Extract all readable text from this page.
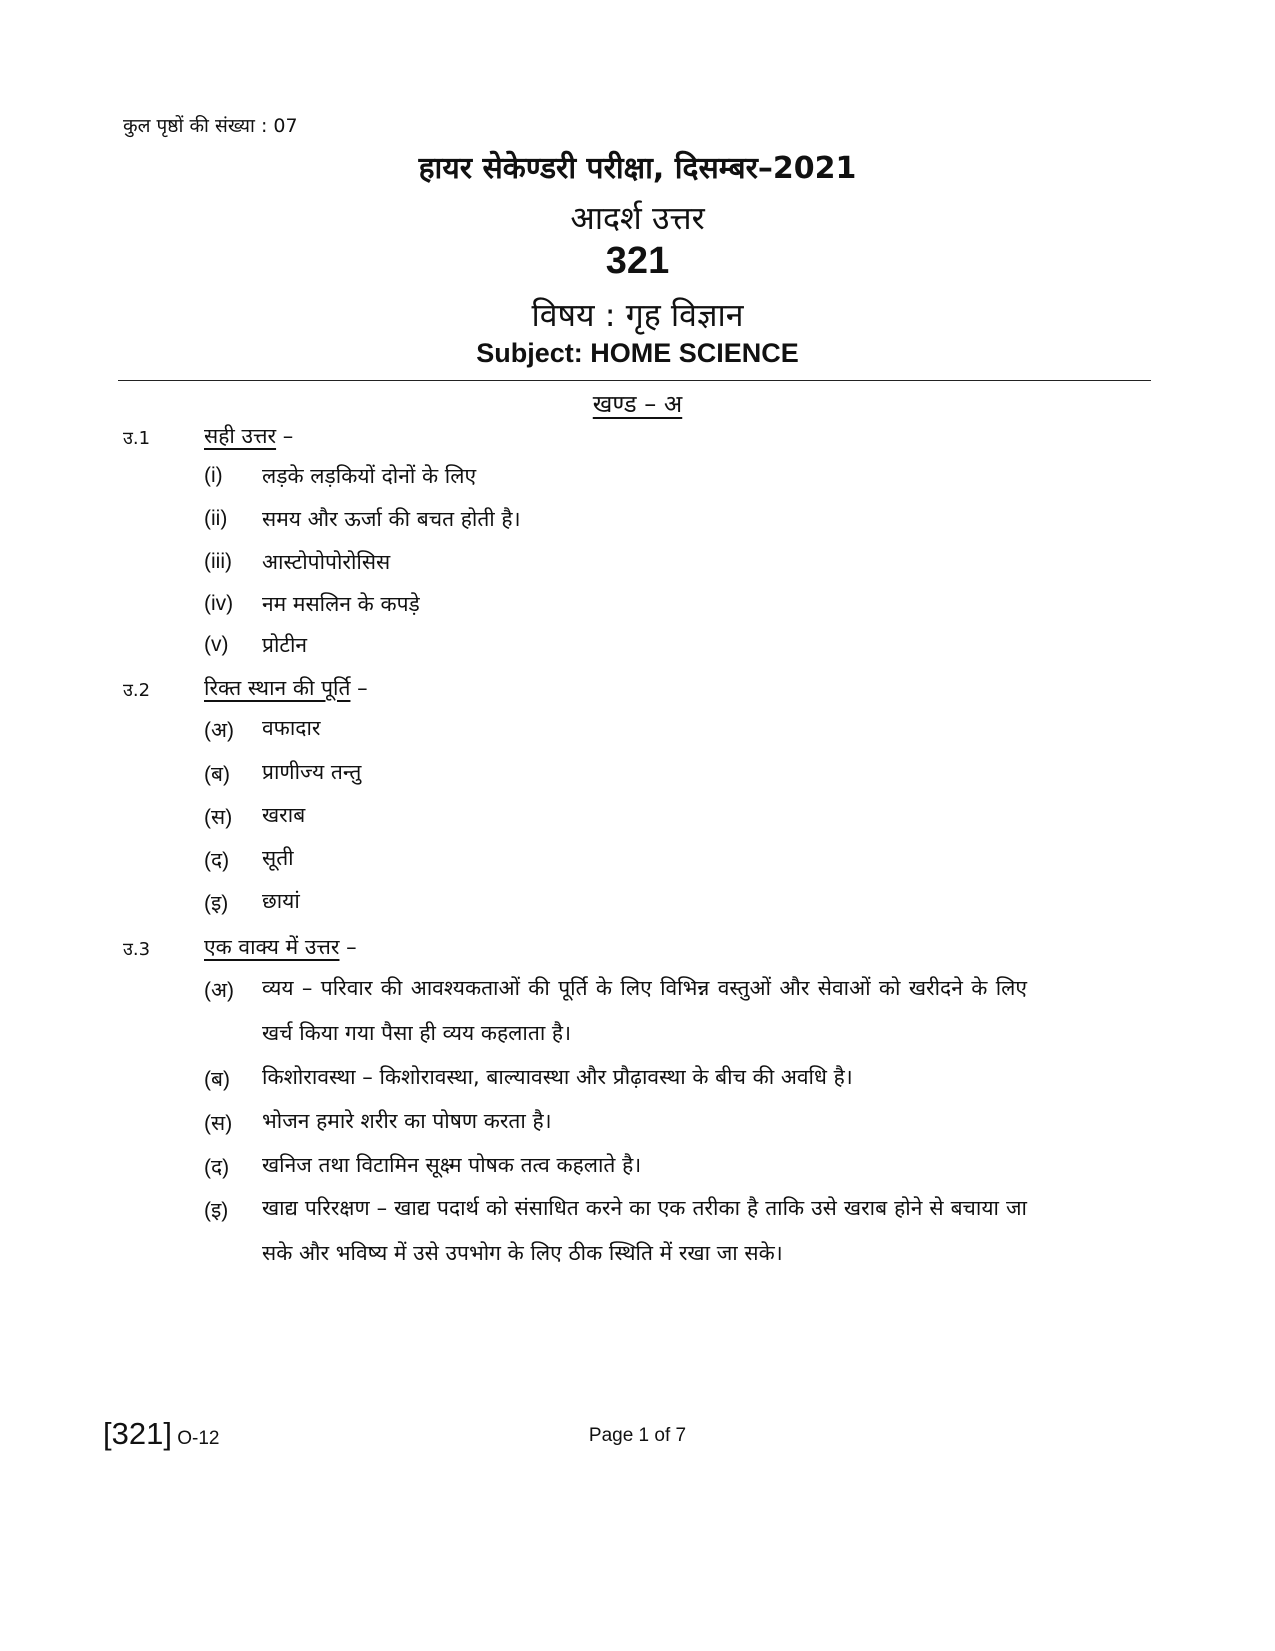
कुल पृष्ठों की संख्या : 07
हायर सेकेण्डरी परीक्षा, दिसम्बर–2021
आदर्श उत्तर
321
विषय : गृह विज्ञान
Subject: HOME SCIENCE
खण्ड – अ
उ.1	सही उत्तर –
(i) लड़के लड़कियों दोनों के लिए
(ii) समय और ऊर्जा की बचत होती है।
(iii) आस्टोपोपोरोसिस
(iv) नम मसलिन के कपड़े
(v) प्रोटीन
उ.2	रिक्त स्थान की पूर्ति –
(अ) वफादार
(ब) प्राणीज्य तन्तु
(स) खराब
(द) सूती
(इ) छायां
उ.3	एक वाक्य में उत्तर –
(अ) व्यय – परिवार की आवश्यकताओं की पूर्ति के लिए विभिन्न वस्तुओं और सेवाओं को खरीदने के लिए खर्च किया गया पैसा ही व्यय कहलाता है।
(ब) किशोरावस्था – किशोरावस्था, बाल्यावस्था और प्रौढ़ावस्था के बीच की अवधि है।
(स) भोजन हमारे शरीर का पोषण करता है।
(द) खनिज तथा विटामिन सूक्ष्म पोषक तत्व कहलाते है।
(इ) खाद्य परिरक्षण – खाद्य पदार्थ को संसाधित करने का एक तरीका है ताकि उसे खराब होने से बचाया जा सके और भविष्य में उसे उपभोग के लिए ठीक स्थिति में रखा जा सके।
[321] O-12	Page 1 of 7
